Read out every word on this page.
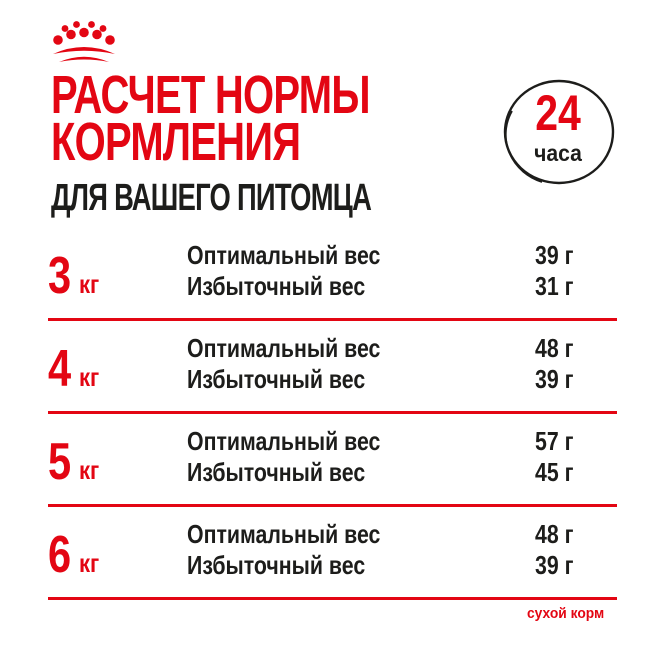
РАСЧЕТ НОРМЫ
КОРМЛЕНИЯ
ДЛЯ ВАШЕГО ПИТОМЦА
24
часа
3 кг
Оптимальный вес
Избыточный вес
39 г
31 г
4 кг
Оптимальный вес
Избыточный вес
48 г
39 г
5 кг
Оптимальный вес
Избыточный вес
57 г
45 г
6 кг
Оптимальный вес
Избыточный вес
48 г
39 г
сухой корм
